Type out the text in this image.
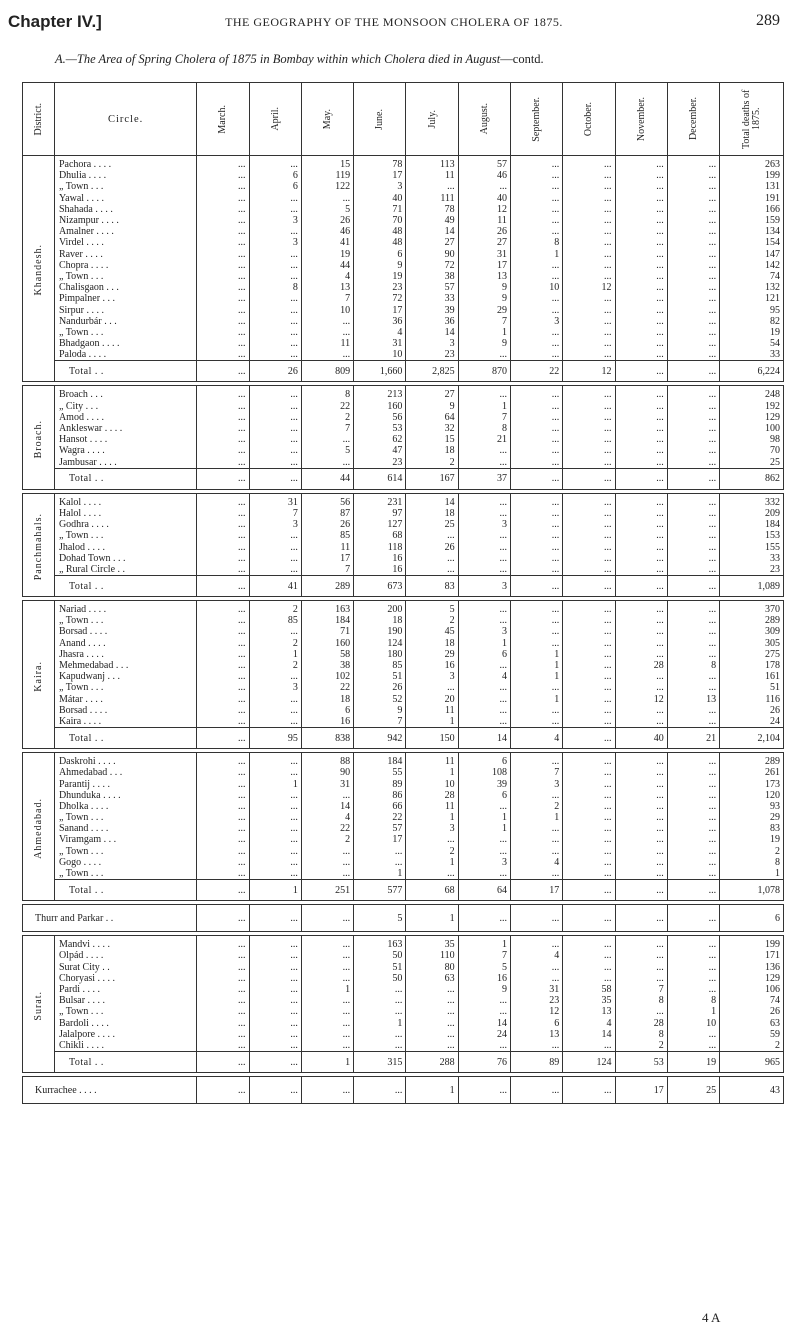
Chapter IV.]	THE GEOGRAPHY OF THE MONSOON CHOLERA OF 1875.	289
A.—The Area of Spring Cholera of 1875 in Bombay within which Cholera died in August—contd.
District.	Circle.	March.	April.	May.	June.	July.	August.	September.	October.	November.	December.	Total deaths of 1875.

Khandesh.	Pachora . . . .	...	...	15	78	113	57	...	...	...	...	263
	Dhulia . . . .	...	6	119	17	11	46	...	...	...	...	199
	„ Town . . .	...	6	122	3	...	...	...	...	...	...	131
	Yawal . . . .	...	...	...	40	111	40	...	...	...	...	191
	Shahada . . . .	...	...	5	71	78	12	...	...	...	...	166
	Nizampur . . . .	...	3	26	70	49	11	...	...	...	...	159
	Amalner . . . .	...	...	46	48	14	26	...	...	...	...	134
	Virdel . . . .	...	3	41	48	27	27	8	...	...	...	154
	Raver . . . .	...	...	19	6	90	31	1	...	...	...	147
	Chopra . . . .	...	...	44	9	72	17	...	...	...	...	142
	„ Town . . .	...	...	4	19	38	13	...	...	...	...	74
	Chalisgaon . . .	...	8	13	23	57	9	10	12	...	...	132
	Pimpalner . . .	...	...	7	72	33	9	...	...	...	...	121
	Sirpur . . . .	...	...	10	17	39	29	...	...	...	...	95
	Nandurbár . . .	...	...	...	36	36	7	3	...	...	...	82
	„ Town . . .	...	...	...	4	14	1	...	...	...	...	19
	Bhadgaon . . . .	...	...	11	31	3	9	...	...	...	...	54
	Paloda . . . .	...	...	...	10	23	...	...	...	...	...	33
	Total . .	...	26	809	1,660	2,825	870	22	12	...	...	6,224

Broach.	Broach . . .	...	...	8	213	27	...	...	...	...	...	248
	„ City . . .	...	...	22	160	9	1	...	...	...	...	192
	Amod . . . .	...	...	2	56	64	7	...	...	...	...	129
	Ankleswar . . . .	...	...	7	53	32	8	...	...	...	...	100
	Hansot . . . .	...	...	...	62	15	21	...	...	...	...	98
	Wagra . . . .	...	...	5	47	18	...	...	...	...	...	70
	Jambusar . . . .	...	...	...	23	2	...	...	...	...	...	25
	Total . .	...	...	44	614	167	37	...	...	...	...	862

Panchmahals.	Kalol . . . .	...	31	56	231	14	...	...	...	...	...	332
	Halol . . . .	...	7	87	97	18	...	...	...	...	...	209
	Godhra . . . .	...	3	26	127	25	3	...	...	...	...	184
	„ Town . . .	...	...	85	68	...	...	...	...	...	...	153
	Jhalod . . . .	...	...	11	118	26	...	...	...	...	...	155
	Dohad Town . . .	...	...	17	16	...	...	...	...	...	...	33
	„ Rural Circle . .	...	...	7	16	...	...	...	...	...	...	23
	Total . .	...	41	289	673	83	3	...	...	...	...	1,089

Kaira.	Nariad . . . .	...	2	163	200	5	...	...	...	...	...	370
	„ Town . . .	...	85	184	18	2	...	...	...	...	...	289
	Borsad . . . .	...	...	71	190	45	3	...	...	...	...	309
	Anand . . . .	...	2	160	124	18	1	...	...	...	...	305
	Jhasra . . . .	...	1	58	180	29	6	1	...	...	...	275
	Mehmedabad . . .	...	2	38	85	16	...	1	...	28	8	178
	Kapudwanj . . .	...	...	102	51	3	4	1	...	...	...	161
	„ Town . . .	...	3	22	26	...	...	...	...	...	...	51
	Mátar . . . .	...	...	18	52	20	...	1	...	12	13	116
	Borsad . . . .	...	...	6	9	11	...	...	...	...	...	26
	Kaira . . . .	...	...	16	7	1	...	...	...	...	...	24
	Total . .	...	95	838	942	150	14	4	...	40	21	2,104

Ahmedabad.	Daskrohi . . . .	...	...	88	184	11	6	...	...	...	...	289
	Ahmedabad . . .	...	...	90	55	1	108	7	...	...	...	261
	Parantij . . . .	...	1	31	89	10	39	3	...	...	...	173
	Dhunduka . . . .	...	...	...	86	28	6	...	...	...	...	120
	Dholka . . . .	...	...	14	66	11	...	2	...	...	...	93
	„ Town . . .	...	...	4	22	1	1	1	...	...	...	29
	Sanand . . . .	...	...	22	57	3	1	...	...	...	...	83
	Viramgam . . .	...	...	2	17	...	...	...	...	...	...	19
	„ Town . . .	...	...	...	...	2	...	...	...	...	...	2
	Gogo . . . .	...	...	...	...	1	3	4	...	...	...	8
	„ Town . . .	...	...	...	1	...	...	...	...	...	...	1
	Total . .	...	1	251	577	68	64	17	...	...	...	1,078

Thurr and Parkar . .		...	...	...	5	1	...	...	...	...	...	6

Surat.	Mandvi . . . .	...	...	...	163	35	1	...	...	...	...	199
	Olpád . . . .	...	...	...	50	110	7	4	...	...	...	171
	Surat City . .	...	...	...	51	80	5	...	...	...	...	136
	Choryasi . . . .	...	...	...	50	63	16	...	...	...	...	129
	Pardi . . . .	...	...	1	...	...	9	31	58	7	...	106
	Bulsar . . . .	...	...	...	...	...	...	23	35	8	8	74
	„ Town . . .	...	...	...	...	...	...	12	13	...	1	26
	Bardoli . . . .	...	...	...	1	...	14	6	4	28	10	63
	Jalalpore . . . .	...	...	...	...	...	24	13	14	8	...	59
	Chikli . . . .	...	...	...	...	...	...	...	...	2	...	2
	Total . .	...	...	1	315	288	76	89	124	53	19	965

Kurrachee . . . .		...	...	...	...	1	...	...	...	17	25	43
4 A
